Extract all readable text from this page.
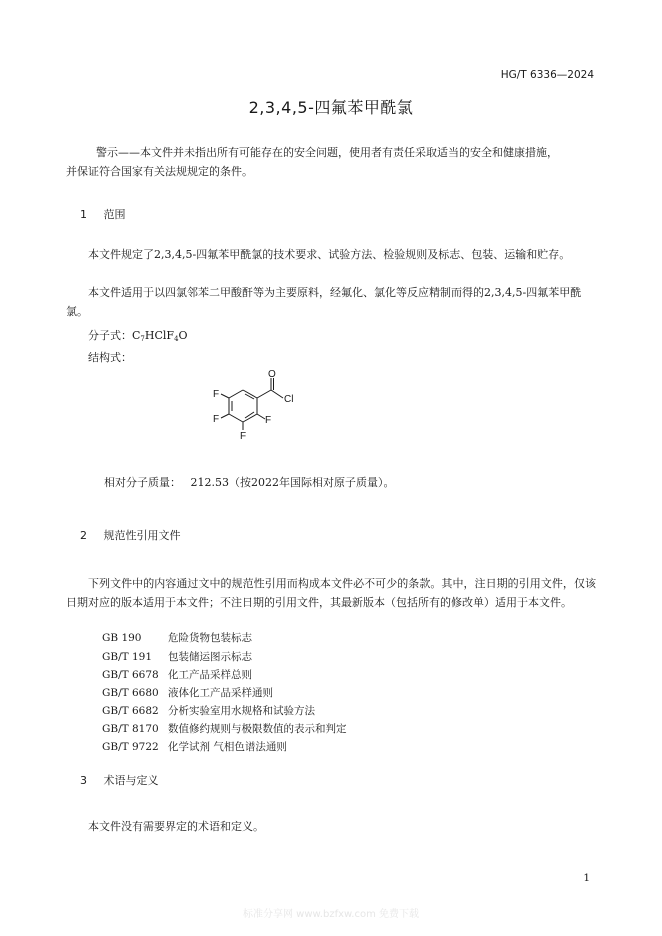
HG/T 6336—2024
2,3,4,5-四氟苯甲酰氯

警示——本文件并未指出所有可能存在的安全问题，使用者有责任采取适当的安全和健康措施，

并保证符合国家有关法规规定的条件。

1 范围

本文件规定了2,3,4,5-四氟苯甲酰氯的技术要求、试验方法、检验规则及标志、包装、运输和贮存。

本文件适用于以四氯邻苯二甲酸酐等为主要原料，经氟化、氯化等反应精制而得的2,3,4,5-四氟苯甲酰氯。

分子式：$C_7HClF_4O$
结构式：
O
Cl
F
F
F
F
相对分子质量： 212.53（按2022年国际相对原子质量）。
2 规范性引用文件

下列文件中的内容通过文中的规范性引用而构成本文件必不可少的条款。其中，注日期的引用文件，仅该日期对应的版本适用于本文件；不注日期的引用文件，其最新版本（包括所有的修改单）适用于本文件。

GB 190	危险货物包装标志
GB/T 191 包装储运图示标志
GB/T 6678 化工产品采样总则
GB/T 6680 液体化工产品采样通则
GB/T 6682 分析实验室用水规格和试验方法
GB/T 8170 数值修约规则与极限数值的表示和判定
GB/T 9722 化学试剂 气相色谱法通则
3 术语与定义

本文件没有需要界定的术语和定义。

1
标准分享网 www.bzfxw.com 免费下载
